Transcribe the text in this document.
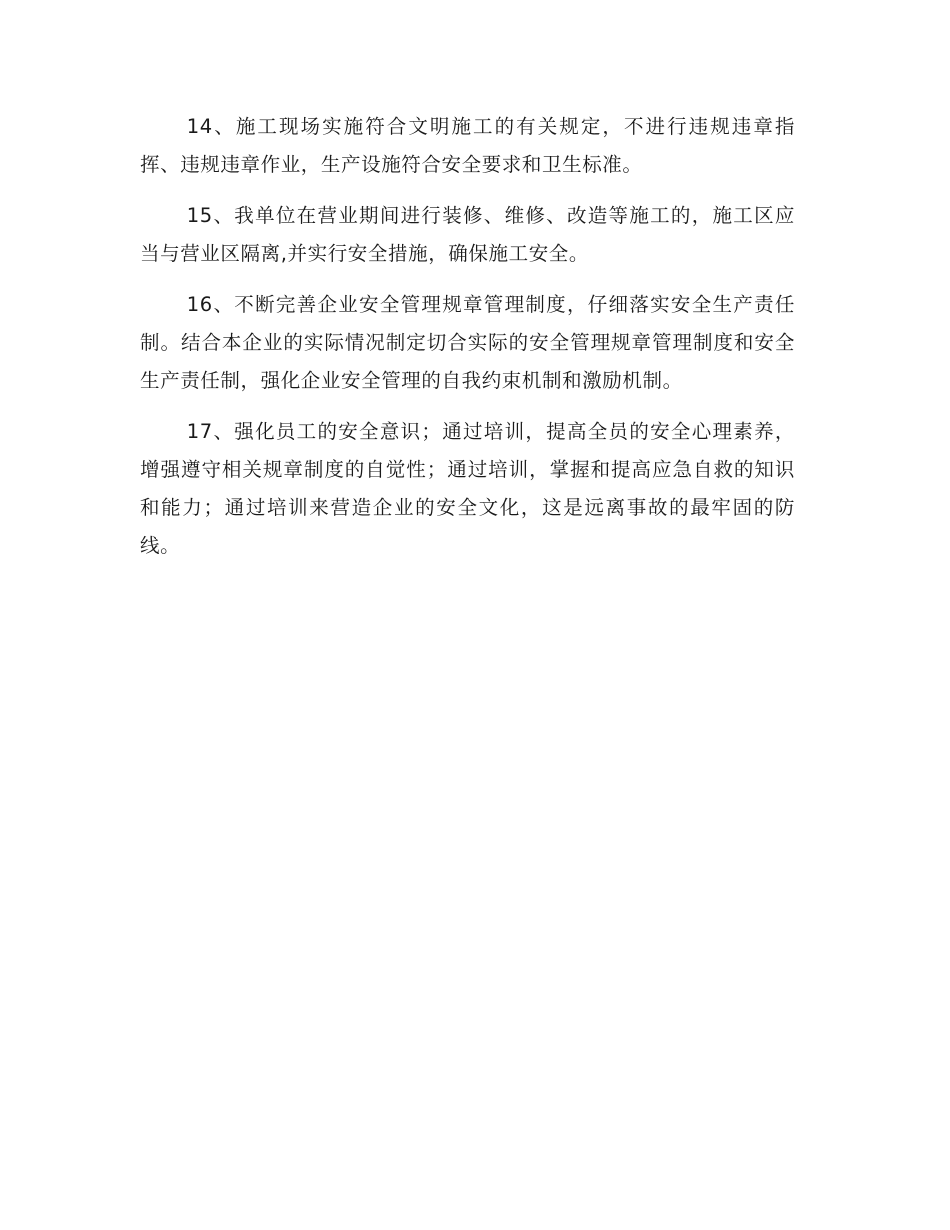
14、施工现场实施符合文明施工的有关规定，不进行违规违章指挥、违规违章作业，生产设施符合安全要求和卫生标准。

15、我单位在营业期间进行装修、维修、改造等施工的，施工区应当与营业区隔离,并实行安全措施，确保施工安全。

16、不断完善企业安全管理规章管理制度，仔细落实安全生产责任制。结合本企业的实际情况制定切合实际的安全管理规章管理制度和安全生产责任制，强化企业安全管理的自我约束机制和激励机制。

17、强化员工的安全意识；通过培训，提高全员的安全心理素养，增强遵守相关规章制度的自觉性；通过培训，掌握和提高应急自救的知识和能力；通过培训来营造企业的安全文化，这是远离事故的最牢固的防线。
